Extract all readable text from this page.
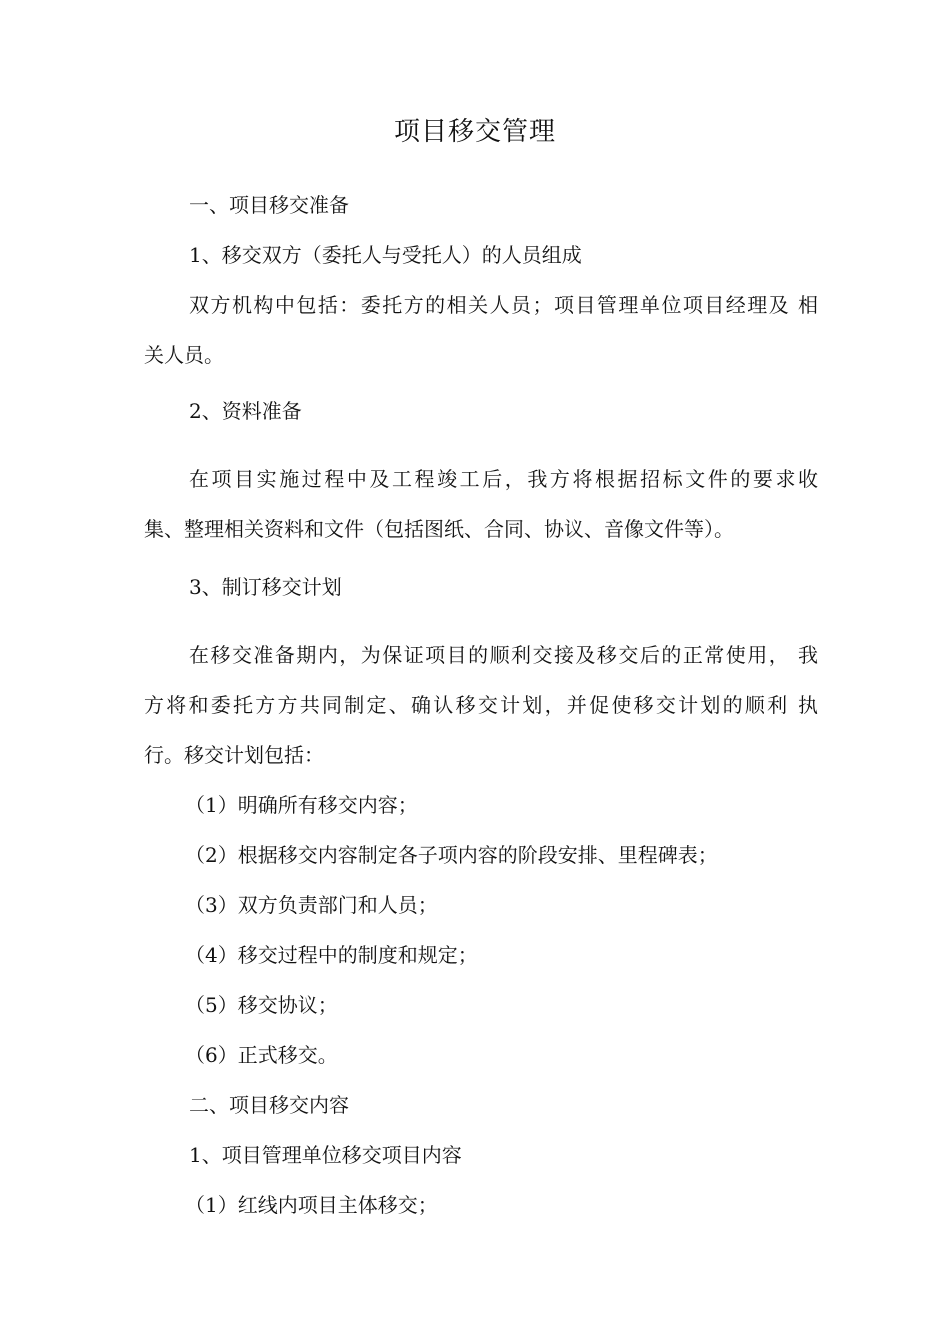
项目移交管理
一、项目移交准备
1、移交双方（委托人与受托人）的人员组成
双方机构中包括：委托方的相关人员；项目管理单位项目经理及 相
关人员。
2、资料准备
在项目实施过程中及工程竣工后，我方将根据招标文件的要求收
集、整理相关资料和文件（包括图纸、合同、协议、音像文件等）。
3、制订移交计划
在移交准备期内，为保证项目的顺利交接及移交后的正常使用， 我
方将和委托方方共同制定、确认移交计划，并促使移交计划的顺利 执
行。移交计划包括：
（1）明确所有移交内容；
（2）根据移交内容制定各子项内容的阶段安排、里程碑表；
（3）双方负责部门和人员；
（4）移交过程中的制度和规定；
（5）移交协议；
（6）正式移交。
二、项目移交内容
1、项目管理单位移交项目内容
（1）红线内项目主体移交；
